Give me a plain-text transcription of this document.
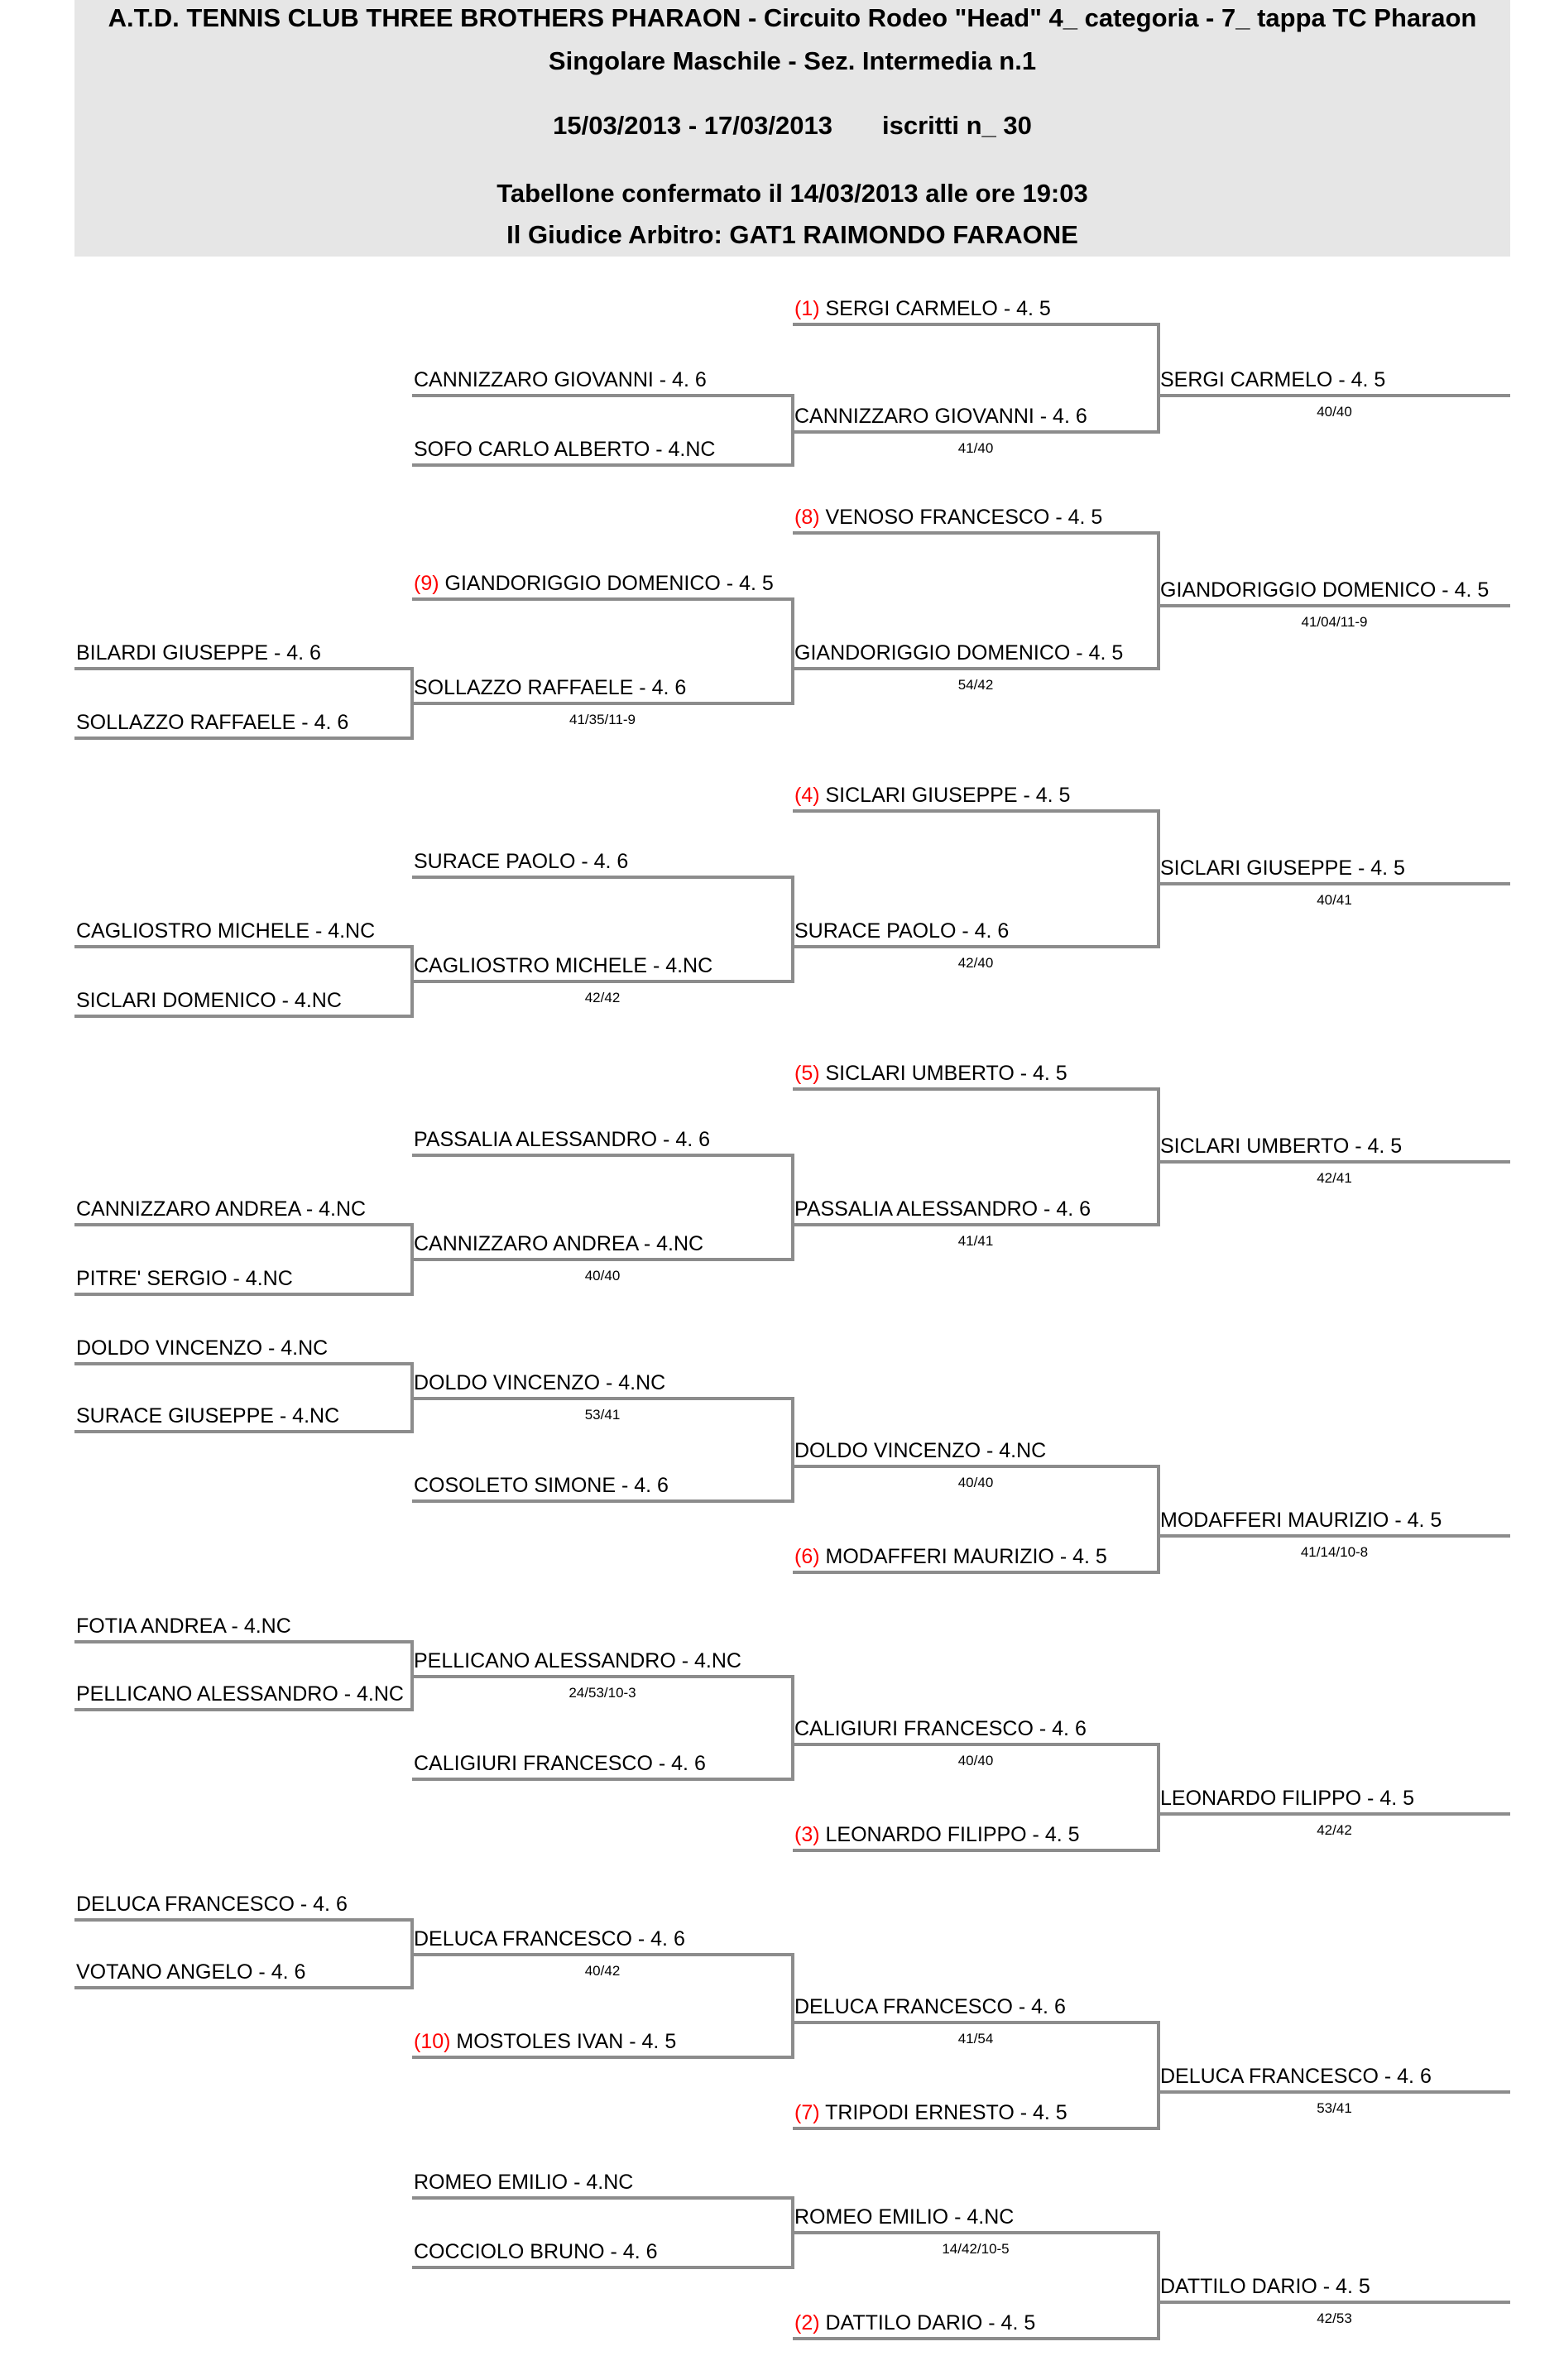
A.T.D. TENNIS CLUB THREE BROTHERS PHARAON - Circuito Rodeo "Head" 4_ categoria - 7_ tappa TC Pharaon
Singolare Maschile - Sez. Intermedia n.1
15/03/2013 - 17/03/2013 iscritti n_ 30
Tabellone confermato il 14/03/2013 alle ore 19:03
Il Giudice Arbitro: GAT1 RAIMONDO FARAONE
(1) SERGI CARMELO - 4. 5
CANNIZZARO GIOVANNI - 4. 6
41/40
SERGI CARMELO - 4. 5
40/40
CANNIZZARO GIOVANNI - 4. 6
SOFO CARLO ALBERTO - 4.NC
(8) VENOSO FRANCESCO - 4. 5
GIANDORIGGIO DOMENICO - 4. 5
54/42
GIANDORIGGIO DOMENICO - 4. 5
41/04/11-9
(9) GIANDORIGGIO DOMENICO - 4. 5
SOLLAZZO RAFFAELE - 4. 6
BILARDI GIUSEPPE - 4. 6
SOLLAZZO RAFFAELE - 4. 6	41/35/11-9
(4) SICLARI GIUSEPPE - 4. 5
SURACE PAOLO - 4. 6
42/40
SICLARI GIUSEPPE - 4. 5
40/41
SURACE PAOLO - 4. 6
CAGLIOSTRO MICHELE - 4.NC
CAGLIOSTRO MICHELE - 4.NC
SICLARI DOMENICO - 4.NC	42/42
(5) SICLARI UMBERTO - 4. 5
PASSALIA ALESSANDRO - 4. 6
41/41
SICLARI UMBERTO - 4. 5
42/41
PASSALIA ALESSANDRO - 4. 6
CANNIZZARO ANDREA - 4.NC
CANNIZZARO ANDREA - 4.NC
PITRE' SERGIO - 4.NC	40/40
DOLDO VINCENZO - 4.NC
SURACE GIUSEPPE - 4.NC	53/41
DOLDO VINCENZO - 4.NC
COSOLETO SIMONE - 4. 6
DOLDO VINCENZO - 4.NC
40/40
(6) MODAFFERI MAURIZIO - 4. 5
MODAFFERI MAURIZIO - 4. 5
41/14/10-8
FOTIA ANDREA - 4.NC
PELLICANO ALESSANDRO - 4.NC	24/53/10-3
PELLICANO ALESSANDRO - 4.NC
CALIGIURI FRANCESCO - 4. 6
CALIGIURI FRANCESCO - 4. 6
40/40
(3) LEONARDO FILIPPO - 4. 5
LEONARDO FILIPPO - 4. 5
42/42
DELUCA FRANCESCO - 4. 6
VOTANO ANGELO - 4. 6	40/42
DELUCA FRANCESCO - 4. 6
(10) MOSTOLES IVAN - 4. 5
DELUCA FRANCESCO - 4. 6
41/54
(7) TRIPODI ERNESTO - 4. 5
DELUCA FRANCESCO - 4. 6
53/41
ROMEO EMILIO - 4.NC
COCCIOLO BRUNO - 4. 6
ROMEO EMILIO - 4.NC
14/42/10-5
(2) DATTILO DARIO - 4. 5
DATTILO DARIO - 4. 5
42/53
